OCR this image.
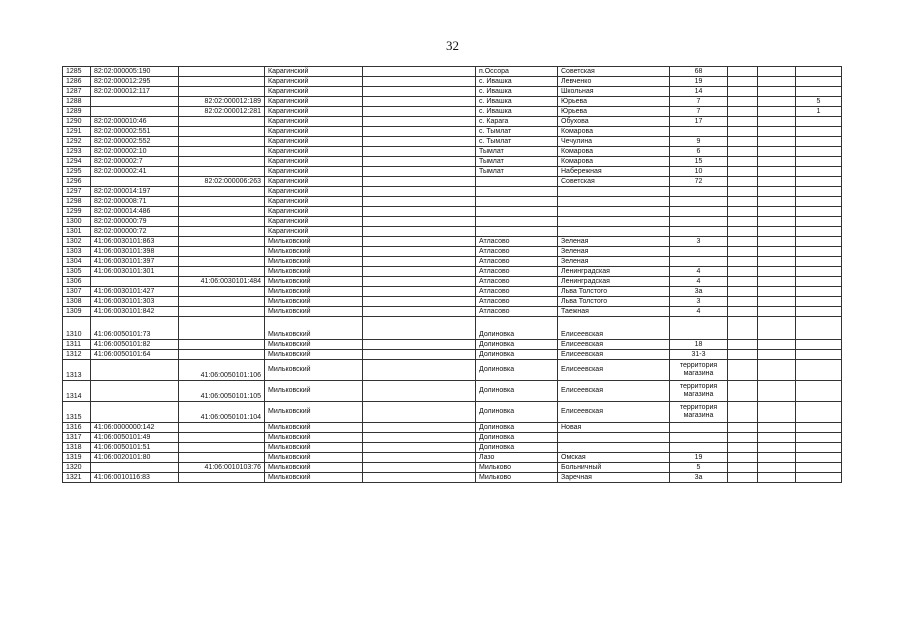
32
1285	82:02:000005:190		Карагинский		п.Оссора	Советская	68			
1286	82:02:000012:295		Карагинский		с. Ивашка	Левченко	19			
1287	82:02:000012:117		Карагинский		с. Ивашка	Школьная	14			
1288		82:02:000012:189	Карагинский		с. Ивашка	Юрьева	7			5
1289		82:02:000012:281	Карагинский		с. Ивашка	Юрьева	7			1
1290	82:02:000010:46		Карагинский		с. Карага	Обухова	17			
1291	82:02:000002:551		Карагинский		с. Тымлат	Комарова				
1292	82:02:000002:552		Карагинский		с. Тымлат	Чечулина	9			
1293	82:02:000002:10		Карагинский		Тымлат	Комарова	6			
1294	82:02:000002:7		Карагинский		Тымлат	Комарова	15			
1295	82:02:000002:41		Карагинский		Тымлат	Набережная	10			
1296		82:02:000006:263	Карагинский			Советская	72			
1297	82:02:000014:197		Карагинский							
1298	82:02:000008:71		Карагинский							
1299	82:02:000014:486		Карагинский							
1300	82:02:000000:79		Карагинский							
1301	82:02:000000:72		Карагинский							
1302	41:06:0030101:863		Мильковский		Атласово	Зеленая	3			
1303	41:06:0030101:398		Мильковский		Атласово	Зеленая				
1304	41:06:0030101:397		Мильковский		Атласово	Зеленая				
1305	41:06:0030101:301		Мильковский		Атласово	Ленинградская	4			
1306		41:06:0030101:484	Мильковский		Атласово	Ленинградская	4			
1307	41:06:0030101:427		Мильковский		Атласово	Льва Толстого	3а			
1308	41:06:0030101:303		Мильковский		Атласово	Льва Толстого	3			
1309	41:06:0030101:842		Мильковский		Атласово	Таежная	4			
1310	41:06:0050101:73		Мильковский		Долиновка	Елисеевская				
1311	41:06:0050101:82		Мильковский		Долиновка	Елисеевская	18			
1312	41:06:0050101:64		Мильковский		Долиновка	Елисеевская	31-3			
1313		41:06:0050101:106	Мильковский		Долиновка	Елисеевская	территория магазина			
1314		41:06:0050101:105	Мильковский		Долиновка	Елисеевская	территория магазина			
1315		41:06:0050101:104	Мильковский		Долиновка	Елисеевская	территория магазина			
1316	41:06:0000000:142		Мильковский		Долиновка	Новая				
1317	41:06:0050101:49		Мильковский		Долиновка					
1318	41:06:0050101:51		Мильковский		Долиновка					
1319	41:06:0020101:80		Мильковский		Лазо	Омская	19			
1320		41:06:0010103:76	Мильковский		Мильково	Больничный	5			
1321	41:06:0010116:83		Мильковский		Мильково	Заречная	3а			
